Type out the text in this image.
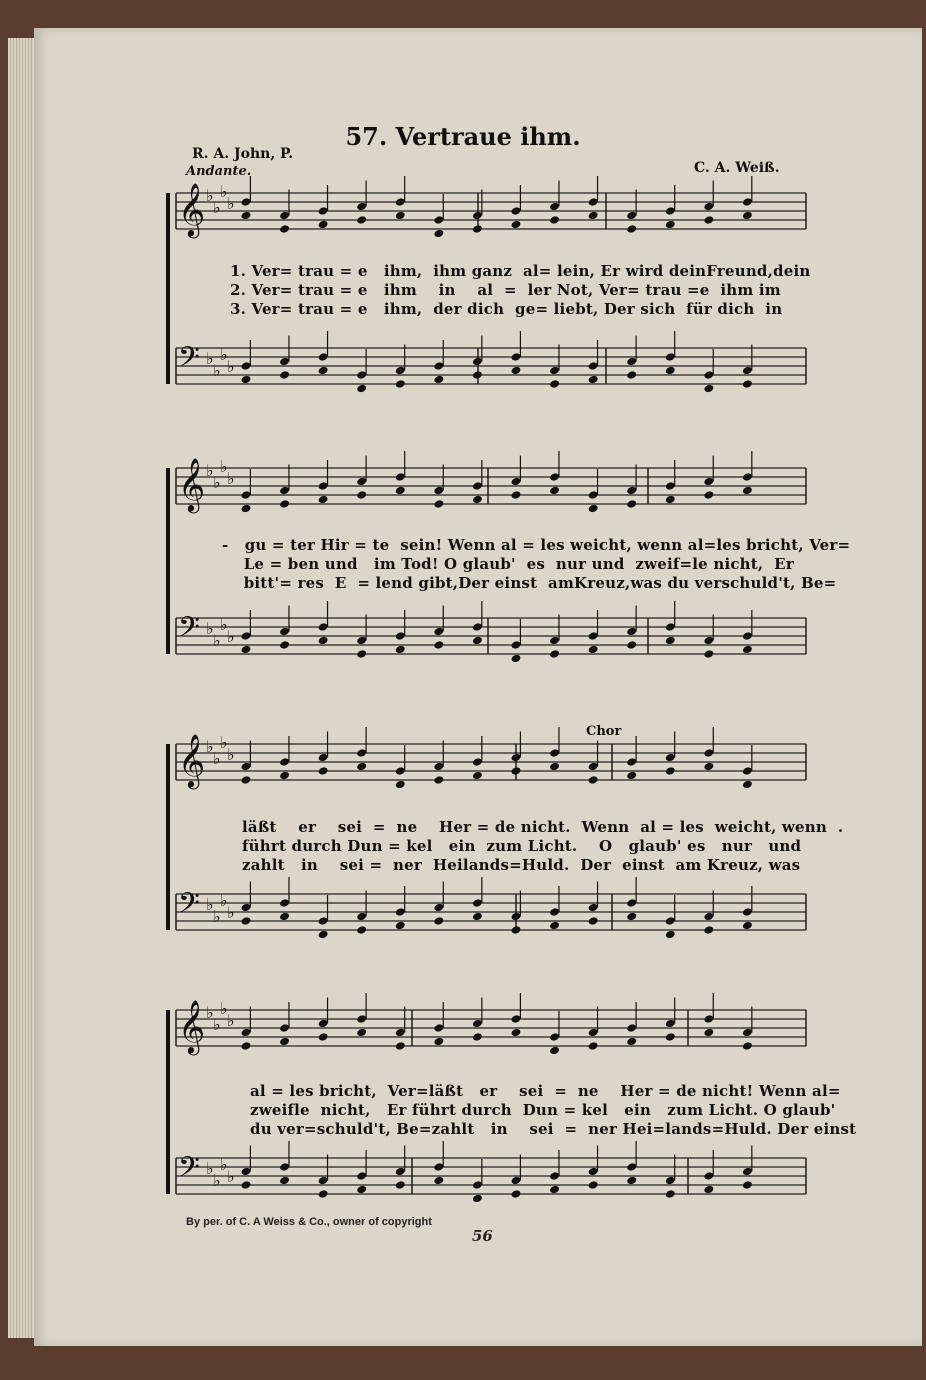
57. Vertraue ihm.
R. A. John, P.
Andante.	C. A. Weiß.
𝄞 ♭
♭
♭
♭
𝄢 ♭
♭
♭
♭
𝄞 ♭
♭
♭
♭
𝄢 ♭
♭
♭
♭
𝄞 ♭
♭
♭
♭
𝄢 ♭
♭
♭
♭
𝄞 ♭
♭
♭
♭
𝄢 ♭
♭
♭
♭
1. Ver= trau = e   ihm,  ihm ganz  al= lein, Er wird deinFreund,dein
2. Ver= trau = e   ihm    in    al  =  ler Not, Ver= trau =e  ihm im
3. Ver= trau = e   ihm,  der dich  ge= liebt, Der sich  für dich  in
-   gu = ter Hir = te  sein! Wenn al = les weicht, wenn al=les bricht, Ver=
Le = ben und   im Tod! O glaub'  es  nur und  zweif=le nicht,  Er
bitt'= res  E  = lend gibt,Der einst  amKreuz,was du verschuld't, Be=
Chor
läßt    er    sei  =  ne    Her = de nicht.  Wenn  al = les  weicht, wenn  .
führt durch Dun = kel   ein  zum Licht.    O   glaub' es   nur   und
zahlt   in    sei =  ner  Heilands=Huld.  Der  einst  am Kreuz, was
al = les bricht,  Ver=läßt   er    sei  =  ne    Her = de nicht! Wenn al=
zweifle  nicht,   Er führt durch  Dun = kel   ein   zum Licht. O glaub'
du ver=schuld't, Be=zahlt   in    sei  =  ner Hei=lands=Huld. Der einst
By per. of C. A Weiss & Co., owner of copyright
56
